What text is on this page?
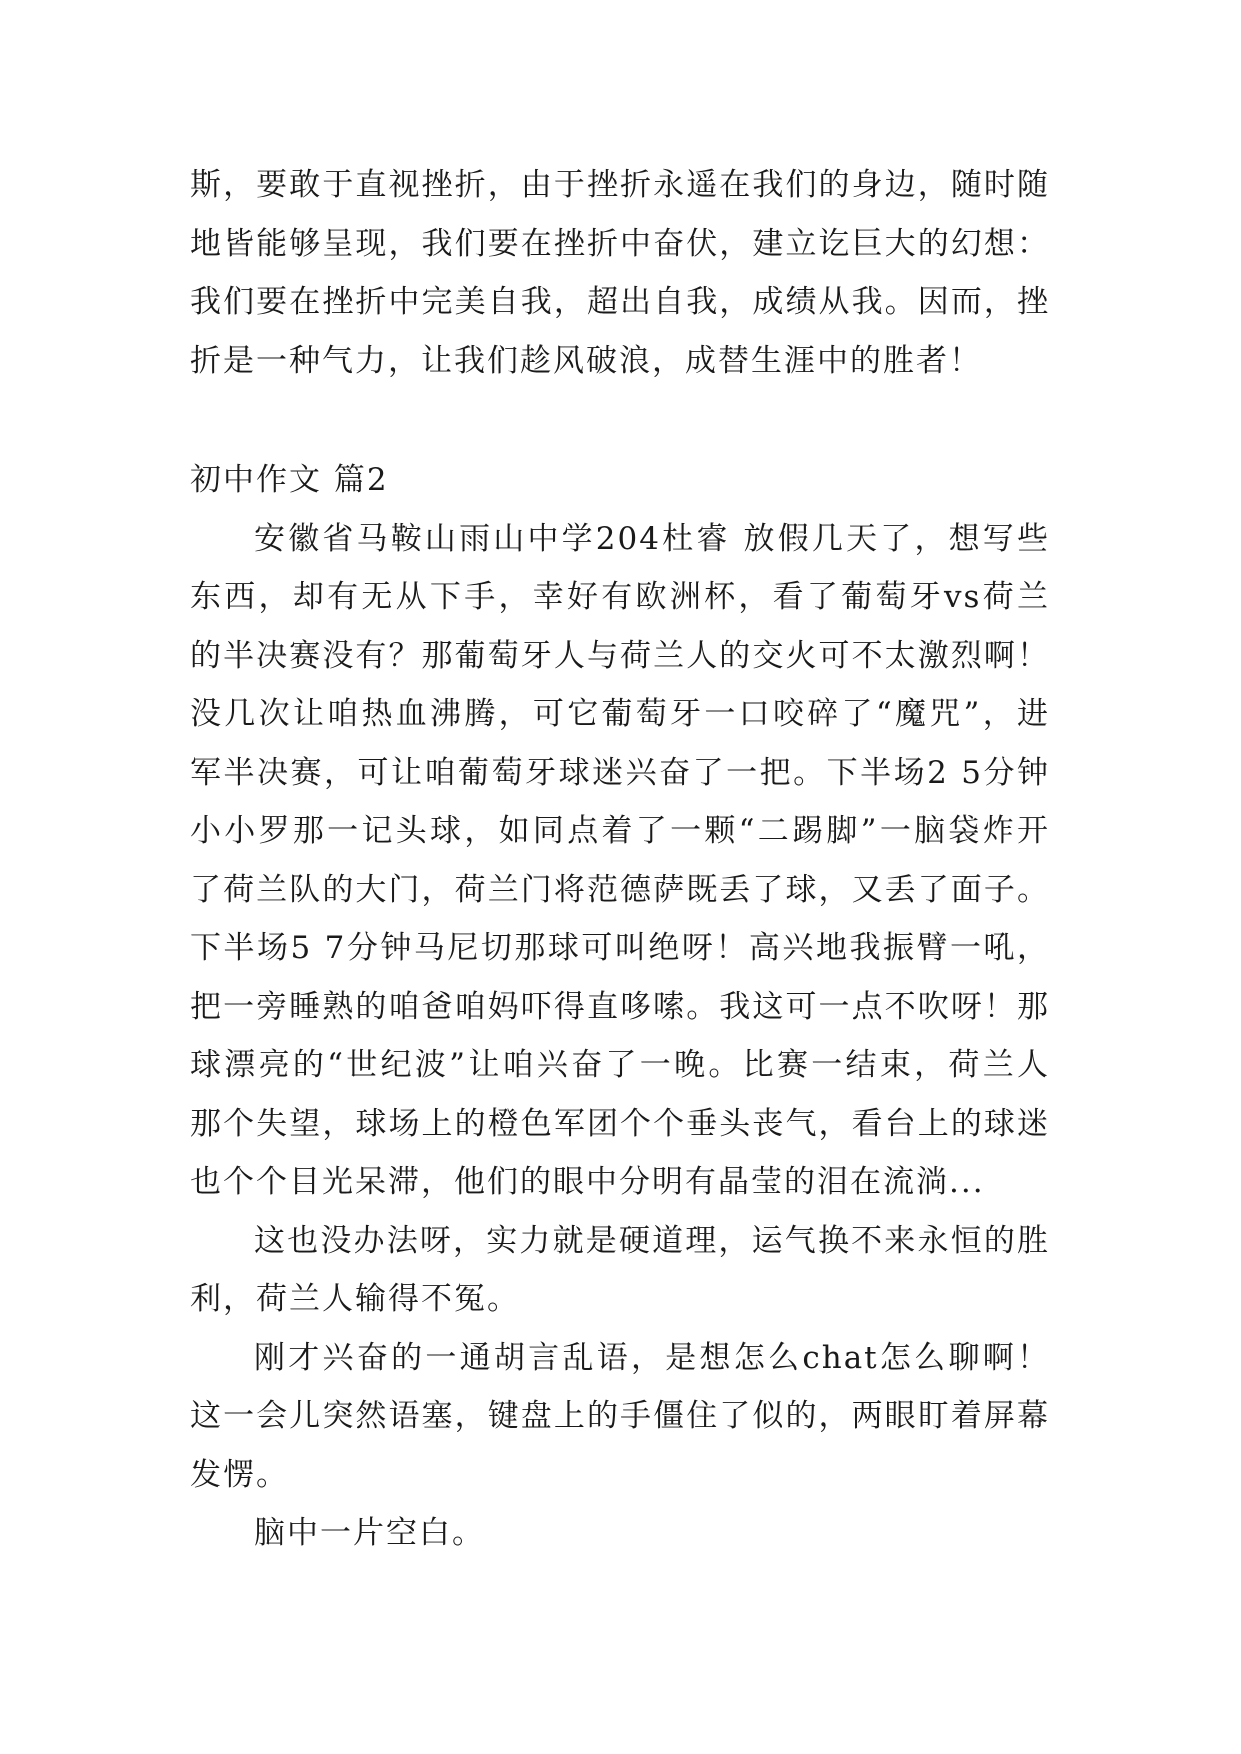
斯，要敢于直视挫折，由于挫折永遥在我们的身边，随时随地皆能够呈现，我们要在挫折中奋伏，建立讫巨大的幻想：我们要在挫折中完美自我，超出自我，成绩从我。因而，挫折是一种气力，让我们趁风破浪，成替生涯中的胜者！

初中作文 篇2

安徽省马鞍山雨山中学204杜睿 放假几天了，想写些东西，却有无从下手，幸好有欧洲杯，看了葡萄牙vs荷兰的半决赛没有？那葡萄牙人与荷兰人的交火可不太激烈啊！没几次让咱热血沸腾，可它葡萄牙一口咬碎了“魔咒”，进军半决赛，可让咱葡萄牙球迷兴奋了一把。下半场2 5分钟小小罗那一记头球，如同点着了一颗“二踢脚”一脑袋炸开了荷兰队的大门，荷兰门将范德萨既丢了球，又丢了面子。下半场5 7分钟马尼切那球可叫绝呀！高兴地我振臂一吼，把一旁睡熟的咱爸咱妈吓得直哆嗦。我这可一点不吹呀！那球漂亮的“世纪波”让咱兴奋了一晚。比赛一结束，荷兰人那个失望，球场上的橙色军团个个垂头丧气，看台上的球迷也个个目光呆滞，他们的眼中分明有晶莹的泪在流淌...

这也没办法呀，实力就是硬道理，运气换不来永恒的胜利，荷兰人输得不冤。

刚才兴奋的一通胡言乱语，是想怎么chat怎么聊啊！这一会儿突然语塞，键盘上的手僵住了似的，两眼盯着屏幕发愣。

脑中一片空白。
